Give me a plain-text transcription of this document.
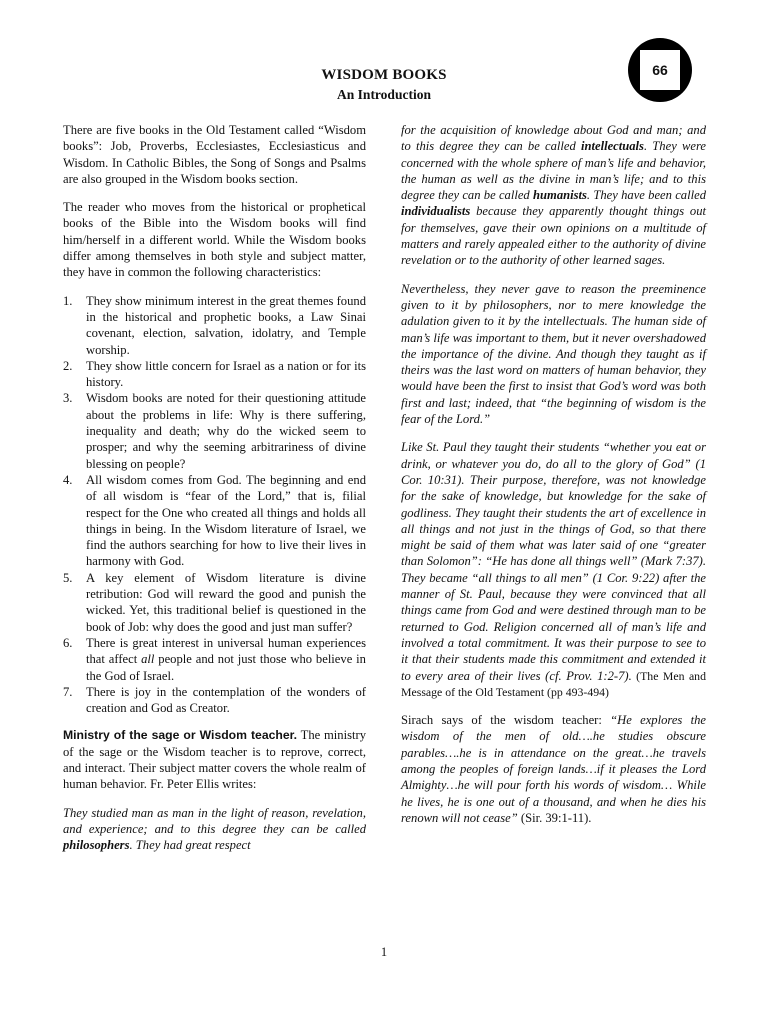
66
WISDOM BOOKS
An Introduction

There are five books in the Old Testament called “Wisdom books”: Job, Proverbs, Ecclesiastes, Ecclesiasticus and Wisdom. In Catholic Bibles, the Song of Songs and Psalms are also grouped in the Wisdom books section.

The reader who moves from the historical or prophetical books of the Bible into the Wisdom books will find him/herself in a different world. While the Wisdom books differ among themselves in both style and subject matter, they have in common the following characteristics:

1. They show minimum interest in the great themes found in the historical and prophetic books, a Law Sinai covenant, election, salvation, idolatry, and Temple worship.
2. They show little concern for Israel as a nation or for its history.
3. Wisdom books are noted for their questioning attitude about the problems in life: Why is there suffering, inequality and death; why do the wicked seem to prosper; and why the seeming arbitrariness of divine blessing on people?
4. All wisdom comes from God. The beginning and end of all wisdom is “fear of the Lord,” that is, filial respect for the One who created all things and holds all things in being. In the Wisdom literature of Israel, we find the authors searching for how to live their lives in harmony with God.
5. A key element of Wisdom literature is divine retribution: God will reward the good and punish the wicked. Yet, this traditional belief is questioned in the book of Job: why does the good and just man suffer?
6. There is great interest in universal human experiences that affect all people and not just those who believe in the God of Israel.
7. There is joy in the contemplation of the wonders of creation and God as Creator.

Ministry of the sage or Wisdom teacher. The ministry of the sage or the Wisdom teacher is to reprove, correct, and interact. Their subject matter covers the whole realm of human behavior. Fr. Peter Ellis writes:

They studied man as man in the light of reason, revelation, and experience; and to this degree they can be called philosophers. They had great respect

for the acquisition of knowledge about God and man; and to this degree they can be called intellectuals. They were concerned with the whole sphere of man’s life and behavior, the human as well as the divine in man’s life; and to this degree they can be called humanists. They have been called individualists because they apparently thought things out for themselves, gave their own opinions on a multitude of matters and rarely appealed either to the authority of divine revelation or to the authority of other learned sages.

Nevertheless, they never gave to reason the preeminence given to it by philosophers, nor to mere knowledge the adulation given to it by the intellectuals. The human side of man’s life was important to them, but it never overshadowed the importance of the divine. And though they taught as if theirs was the last word on matters of human behavior, they would have been the first to insist that God’s word was both first and last; indeed, that “the beginning of wisdom is the fear of the Lord.”

Like St. Paul they taught their students “whether you eat or drink, or whatever you do, do all to the glory of God” (1 Cor. 10:31). Their purpose, therefore, was not knowledge for the sake of knowledge, but knowledge for the sake of godliness. They taught their students the art of excellence in all things and not just in the things of God, so that there might be said of them what was later said of one “greater than Solomon”: “He has done all things well” (Mark 7:37). They became “all things to all men” (1 Cor. 9:22) after the manner of St. Paul, because they were convinced that all things came from God and were destined through man to be returned to God. Religion concerned all of man’s life and involved a total commitment. It was their purpose to see to it that their students made this commitment and extended it to every area of their lives (cf. Prov. 1:2-7). (The Men and Message of the Old Testament (pp 493-494)

Sirach says of the wisdom teacher: “He explores the wisdom of the men of old….he studies obscure parables….he is in attendance on the great…he travels among the peoples of foreign lands…if it pleases the Lord Almighty…he will pour forth his words of wisdom… While he lives, he is one out of a thousand, and when he dies his renown will not cease” (Sir. 39:1-11).

1
